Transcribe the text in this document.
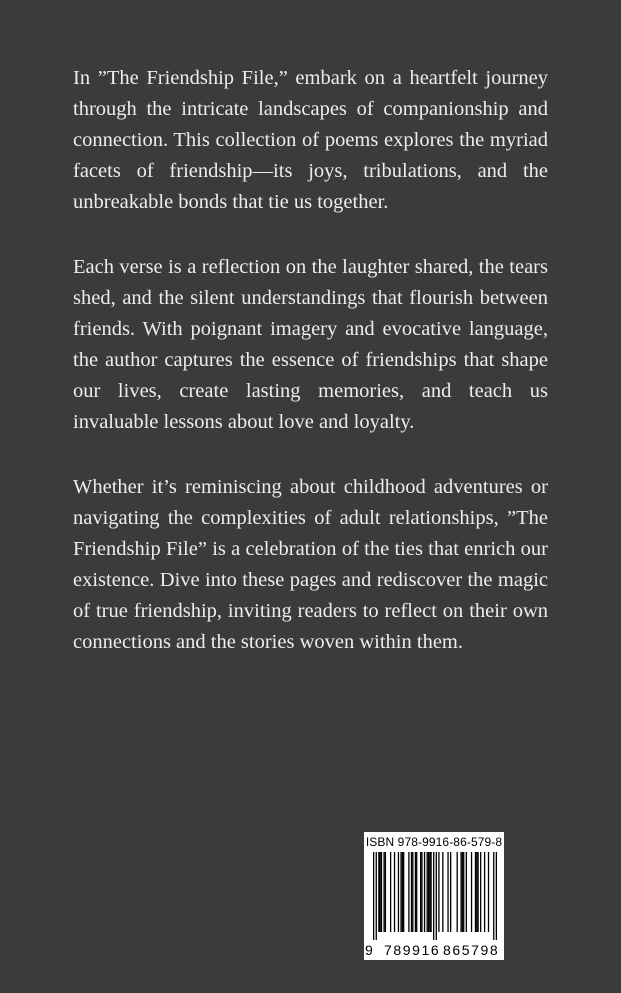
In ”The Friendship File,” embark on a heartfelt journey through the intricate landscapes of companionship and connection. This collection of poems explores the myriad facets of friendship—its joys, tribulations, and the unbreakable bonds that tie us together.

Each verse is a reflection on the laughter shared, the tears shed, and the silent understandings that flourish between friends. With poignant imagery and evocative language, the author captures the essence of friendships that shape our lives, create lasting memories, and teach us invaluable lessons about love and loyalty.

Whether it’s reminiscing about childhood adventures or navigating the complexities of adult relationships, ”The Friendship File” is a celebration of the ties that enrich our existence. Dive into these pages and rediscover the magic of true friendship, inviting readers to reflect on their own connections and the stories woven within them.

ISBN 978-9916-86-579-8
9 789916 865798
